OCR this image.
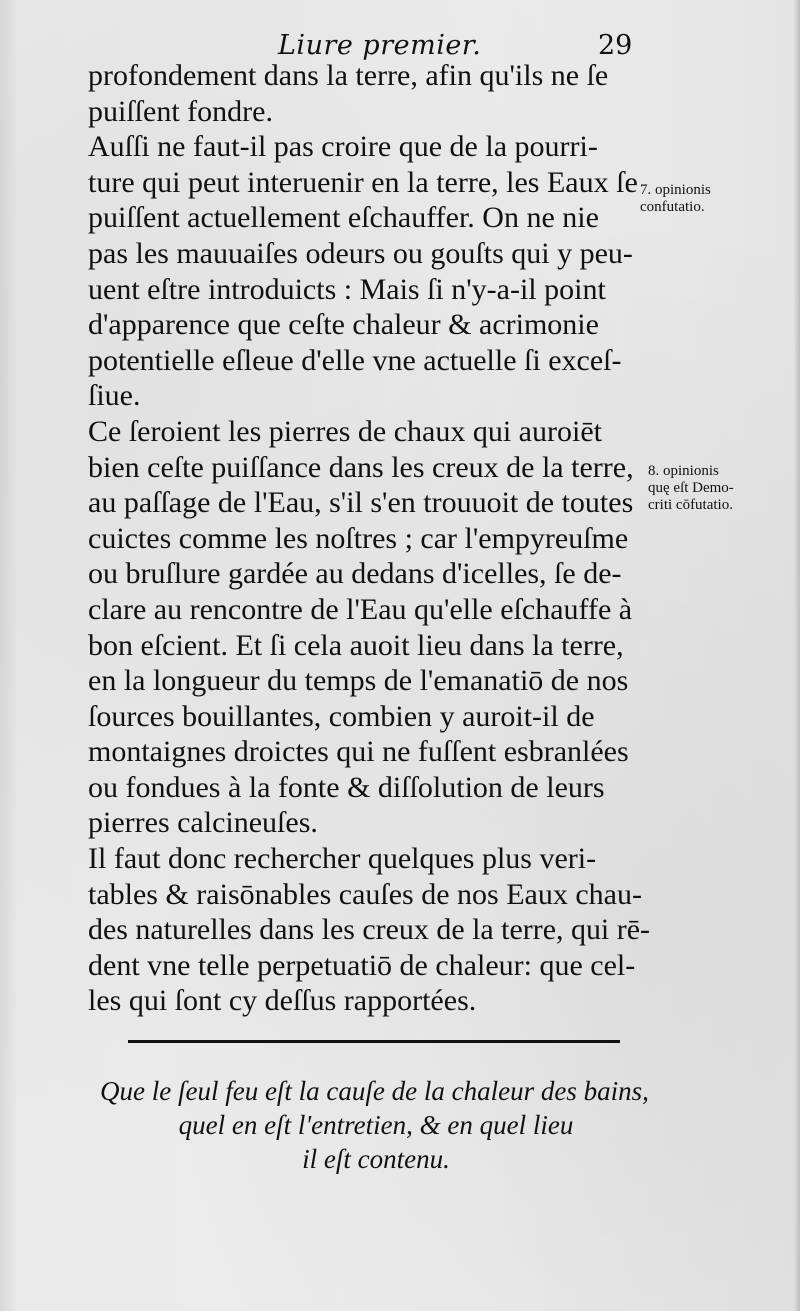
Liure premier.	29
profondement dans la terre, afin qu'ils ne ſe
puiſſent fondre.
Auſſi ne faut-il pas croire que de la pourri-
ture qui peut interuenir en la terre, les Eaux ſe
puiſſent actuellement eſchauffer. On ne nie
pas les mauuaiſes odeurs ou gouſts qui y peu-
uent eſtre introduicts : Mais ſi n'y-a-il point
d'apparence que ceſte chaleur & acrimonie
potentielle eſleue d'elle vne actuelle ſi exceſ-
ſiue.
Ce ſeroient les pierres de chaux qui auroiēt
bien ceſte puiſſance dans les creux de la terre,
au paſſage de l'Eau, s'il s'en trouuoit de toutes
cuictes comme les noſtres ; car l'empyreuſme
ou bruſlure gardée au dedans d'icelles, ſe de-
clare au rencontre de l'Eau qu'elle eſchauffe à
bon eſcient. Et ſi cela auoit lieu dans la terre,
en la longueur du temps de l'emanatiō de nos
ſources bouillantes, combien y auroit-il de
montaignes droictes qui ne fuſſent esbranlées
ou fondues à la fonte & diſſolution de leurs
pierres calcineuſes.
Il faut donc rechercher quelques plus veri-
tables & raisōnables cauſes de nos Eaux chau-
des naturelles dans les creux de la terre, qui rē-
dent vne telle perpetuatiō de chaleur: que cel-
les qui ſont cy deſſus rapportées.
7. opinionis
confutatio.
8. opinionis
quę eſt Demo-
criti cōfutatio.
Que le ſeul feu eſt la cauſe de la chaleur des bains,
quel en eſt l'entretien, & en quel lieu
il eſt contenu.
